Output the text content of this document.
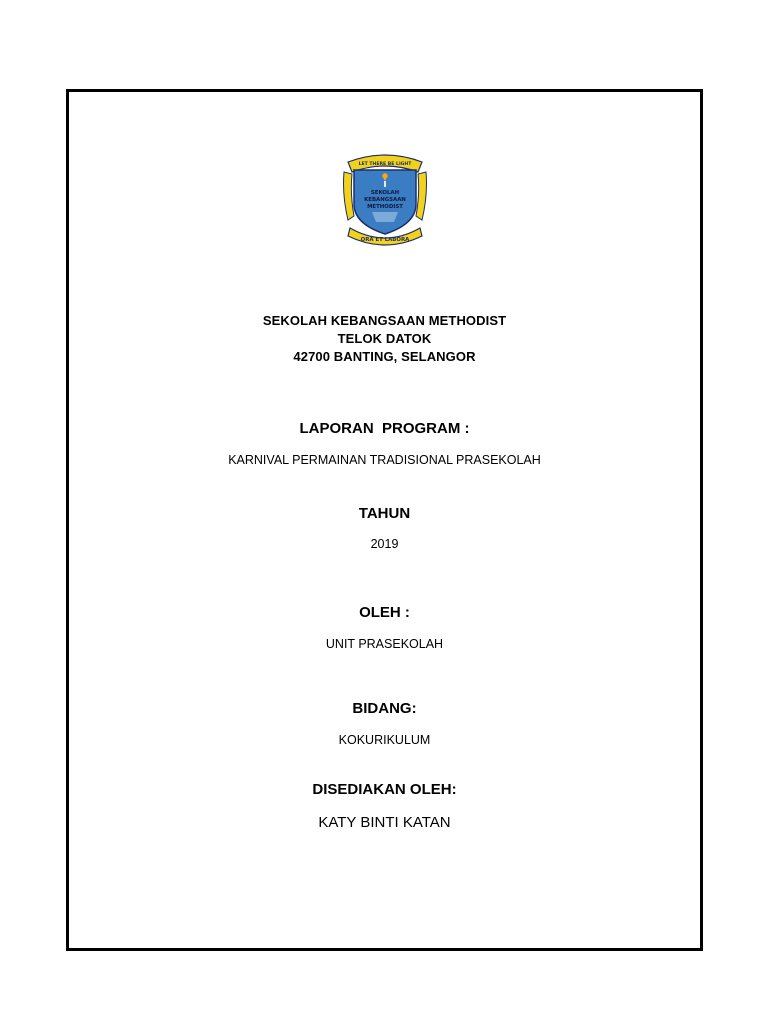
LET THERE BE LIGHT
SEKOLAH
KEBANGSAAN
METHODIST
ORA ET LABORA
SEKOLAH KEBANGSAAN METHODIST
TELOK DATOK
42700 BANTING, SELANGOR
LAPORAN  PROGRAM :
KARNIVAL PERMAINAN TRADISIONAL PRASEKOLAH
TAHUN
2019
OLEH :
UNIT PRASEKOLAH
BIDANG:
KOKURIKULUM
DISEDIAKAN OLEH:
KATY BINTI KATAN
